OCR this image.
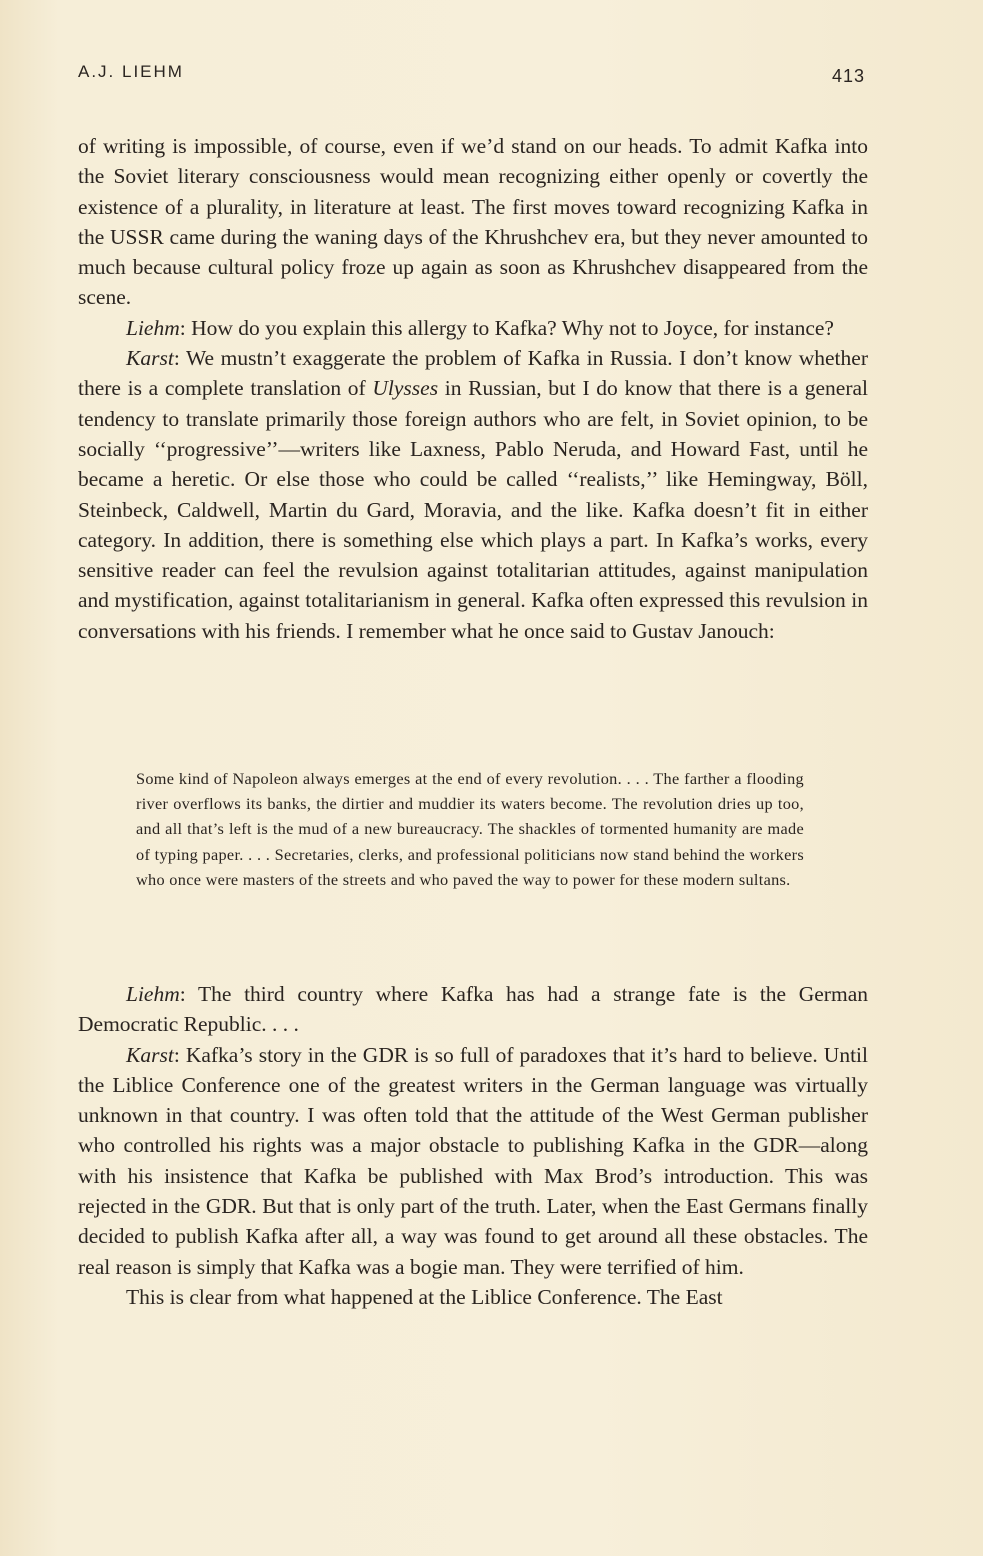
A.J. LIEHM	413

of writing is impossible, of course, even if we’d stand on our heads. To admit Kafka into the Soviet literary consciousness would mean recognizing either openly or covertly the existence of a plurality, in literature at least. The first moves toward recognizing Kafka in the USSR came during the waning days of the Khrushchev era, but they never amounted to much because cultural policy froze up again as soon as Khrushchev disappeared from the scene.

Liehm: How do you explain this allergy to Kafka? Why not to Joyce, for instance?

Karst: We mustn’t exaggerate the problem of Kafka in Russia. I don’t know whether there is a complete translation of Ulysses in Russian, but I do know that there is a general tendency to translate primarily those foreign authors who are felt, in Soviet opinion, to be socially ‘‘progressive’’—writers like Laxness, Pablo Neruda, and Howard Fast, until he became a heretic. Or else those who could be called ‘‘realists,’’ like Hemingway, Böll, Steinbeck, Caldwell, Martin du Gard, Moravia, and the like. Kafka doesn’t fit in either category. In addition, there is something else which plays a part. In Kafka’s works, every sensitive reader can feel the revulsion against totalitarian attitudes, against manipulation and mystification, against totalitarianism in general. Kafka often expressed this revulsion in conversations with his friends. I remember what he once said to Gustav Janouch:

Some kind of Napoleon always emerges at the end of every revolution. . . . The farther a flooding river overflows its banks, the dirtier and muddier its waters become. The revolution dries up too, and all that’s left is the mud of a new bureaucracy. The shackles of tormented humanity are made of typing paper. . . . Secretaries, clerks, and professional politicians now stand behind the workers who once were masters of the streets and who paved the way to power for these modern sultans.

Liehm: The third country where Kafka has had a strange fate is the German Democratic Republic. . . .

Karst: Kafka’s story in the GDR is so full of paradoxes that it’s hard to believe. Until the Liblice Conference one of the greatest writers in the German language was virtually unknown in that country. I was often told that the attitude of the West German publisher who controlled his rights was a major obstacle to publishing Kafka in the GDR—along with his insistence that Kafka be published with Max Brod’s introduction. This was rejected in the GDR. But that is only part of the truth. Later, when the East Germans finally decided to publish Kafka after all, a way was found to get around all these obstacles. The real reason is simply that Kafka was a bogie man. They were terrified of him.

This is clear from what happened at the Liblice Conference. The East
